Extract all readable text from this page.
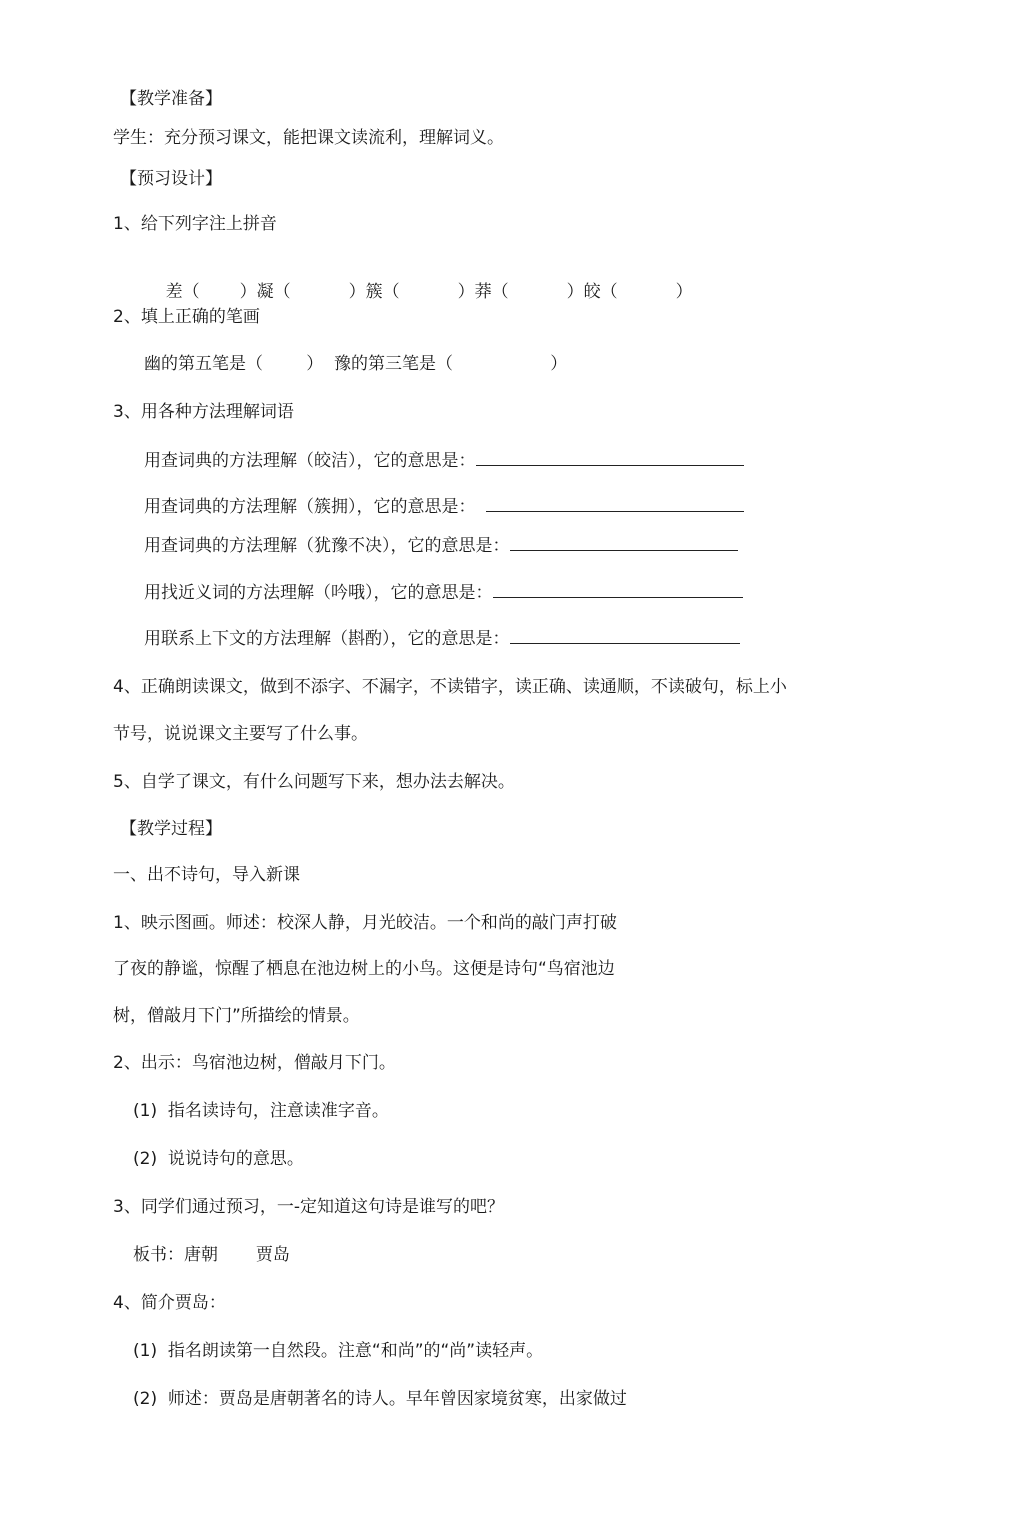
【教学准备】
学生：充分预习课文，能把课文读流利，理解词义。
【预习设计】
1、给下列字注上拼音

差（ ）凝（	）簇（	）莽（	）皎（	）

2、填上正确的笔画
幽的第五笔是（        ）  豫的第三笔是（                  ）
3、用各种方法理解词语
用查词典的方法理解（皎洁），它的意思是：
用查词典的方法理解（簇拥），它的意思是：
用查词典的方法理解（犹豫不决），它的意思是：
用找近义词的方法理解（吟哦），它的意思是：
用联系上下文的方法理解（斟酌），它的意思是：
4、正确朗读课文，做到不添字、不漏字，不读错字，读正确、读通顺，不读破句，标上小
节号，说说课文主要写了什么事。
5、自学了课文，有什么问题写下来，想办法去解决。
【教学过程】
一、出不诗句，导入新课
1、映示图画。师述：校深人静，月光皎洁。一个和尚的敲门声打破
了夜的静谧，惊醒了栖息在池边树上的小鸟。这便是诗句“鸟宿池边
树，僧敲月下门”所描绘的情景。
2、出示：鸟宿池边树，僧敲月下门。
(1)  指名读诗句，注意读准字音。
(2)  说说诗句的意思。
3、同学们通过预习，一-定知道这句诗是谁写的吧？
板书：唐朝       贾岛
4、简介贾岛：
(1)  指名朗读第一自然段。注意“和尚”的“尚”读轻声。
(2)  师述：贾岛是唐朝著名的诗人。早年曾因家境贫寒，出家做过
